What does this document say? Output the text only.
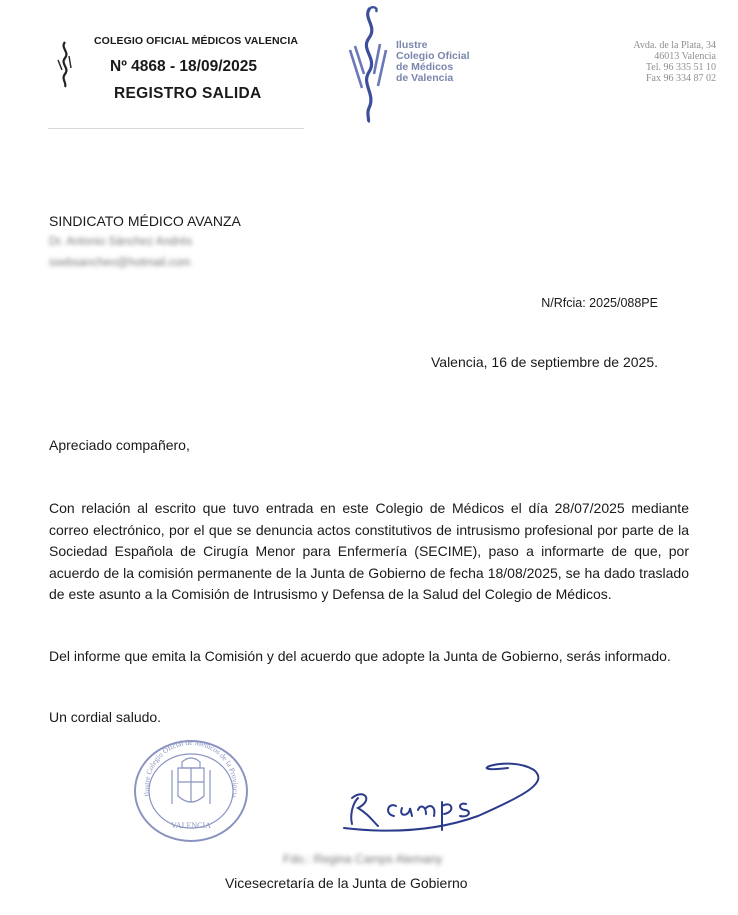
COLEGIO OFICIAL MÉDICOS VALENCIA
Nº 4868 - 18/09/2025
REGISTRO SALIDA
Ilustre
Colegio Oficial
de Médicos
de Valencia
Avda. de la Plata, 34
46013 Valencia
Tel. 96 335 51 10
Fax 96 334 87 02
SINDICATO MÉDICO AVANZA
Dr. Antonio Sánchez Andrés
ssebsancheo@hotmail.com
N/Rfcia: 2025/088PE
Valencia, 16 de septiembre de 2025.
Apreciado compañero,
Con relación al escrito que tuvo entrada en este Colegio de Médicos el día 28/07/2025 mediante correo electrónico, por el que se denuncia actos constitutivos de intrusismo profesional por parte de la Sociedad Española de Cirugía Menor para Enfermería (SECIME), paso a informarte de que, por acuerdo de la comisión permanente de la Junta de Gobierno de fecha 18/08/2025, se ha dado traslado de este asunto a la Comisión de Intrusismo y Defensa de la Salud del Colegio de Médicos.
Del informe que emita la Comisión y del acuerdo que adopte la Junta de Gobierno, serás informado.
Un cordial saludo.
Ilustre Colegio Oficial de Médicos de la Provincia
VALENCIA
Fdo.: Regina Camps Alemany
Vicesecretaría de la Junta de Gobierno
